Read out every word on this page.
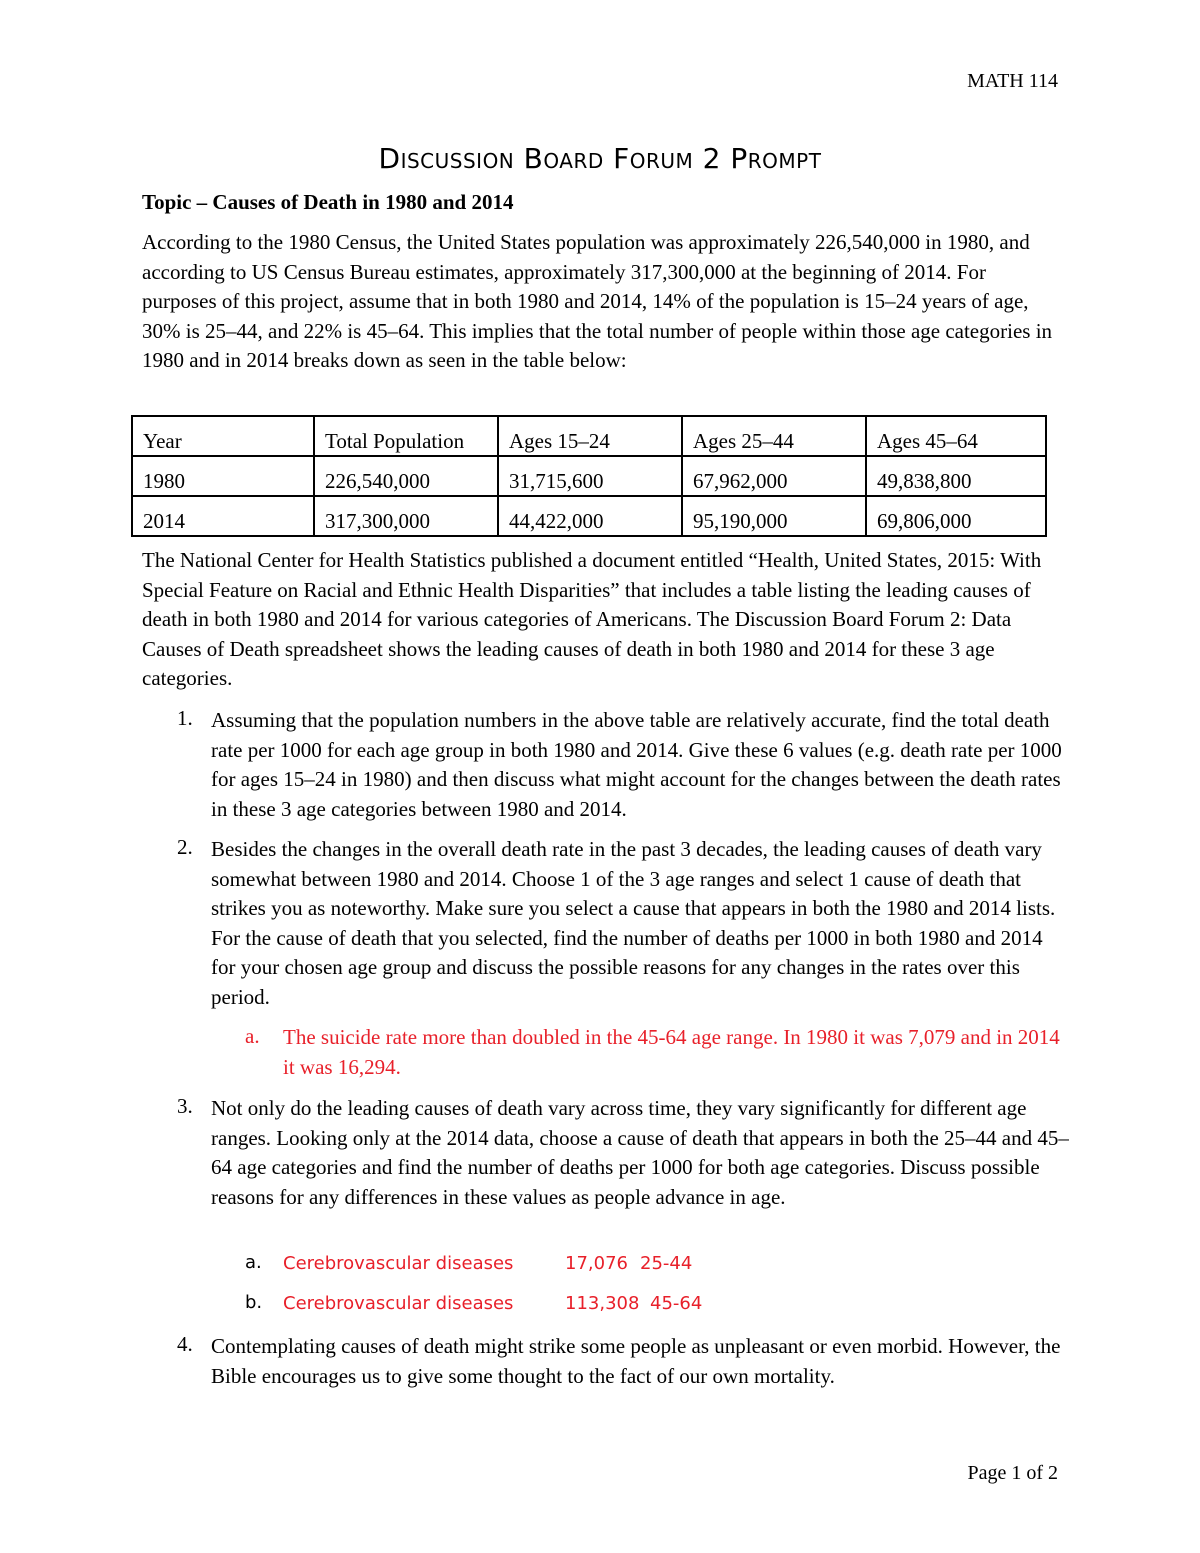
MATH 114
Discussion Board Forum 2 Prompt
Topic – Causes of Death in 1980 and 2014
According to the 1980 Census, the United States population was approximately 226,540,000 in 1980, and according to US Census Bureau estimates, approximately 317,300,000 at the beginning of 2014. For purposes of this project, assume that in both 1980 and 2014, 14% of the population is 15–24 years of age, 30% is 25–44, and 22% is 45–64. This implies that the total number of people within those age categories in 1980 and in 2014 breaks down as seen in the table below:
Year	Total Population	Ages 15–24	Ages 25–44	Ages 45–64
1980	226,540,000	31,715,600	67,962,000	49,838,800
2014	317,300,000	44,422,000	95,190,000	69,806,000
The National Center for Health Statistics published a document entitled “Health, United States, 2015: With Special Feature on Racial and Ethnic Health Disparities” that includes a table listing the leading causes of death in both 1980 and 2014 for various categories of Americans. The Discussion Board Forum 2: Data Causes of Death spreadsheet shows the leading causes of death in both 1980 and 2014 for these 3 age categories.
1. Assuming that the population numbers in the above table are relatively accurate, find the total death rate per 1000 for each age group in both 1980 and 2014. Give these 6 values (e.g. death rate per 1000 for ages 15–24 in 1980) and then discuss what might account for the changes between the death rates in these 3 age categories between 1980 and 2014.
2. Besides the changes in the overall death rate in the past 3 decades, the leading causes of death vary somewhat between 1980 and 2014. Choose 1 of the 3 age ranges and select 1 cause of death that strikes you as noteworthy. Make sure you select a cause that appears in both the 1980 and 2014 lists. For the cause of death that you selected, find the number of deaths per 1000 in both 1980 and 2014 for your chosen age group and discuss the possible reasons for any changes in the rates over this period.
a. The suicide rate more than doubled in the 45-64 age range. In 1980 it was 7,079 and in 2014 it was 16,294.
3. Not only do the leading causes of death vary across time, they vary significantly for different age ranges. Looking only at the 2014 data, choose a cause of death that appears in both the 25–44 and 45–64 age categories and find the number of deaths per 1000 for both age categories. Discuss possible reasons for any differences in these values as people advance in age.
a. Cerebrovascular diseases	17,076 25-44
b. Cerebrovascular diseases	113,308 45-64
4. Contemplating causes of death might strike some people as unpleasant or even morbid. However, the Bible encourages us to give some thought to the fact of our own mortality.
Page 1 of 2
